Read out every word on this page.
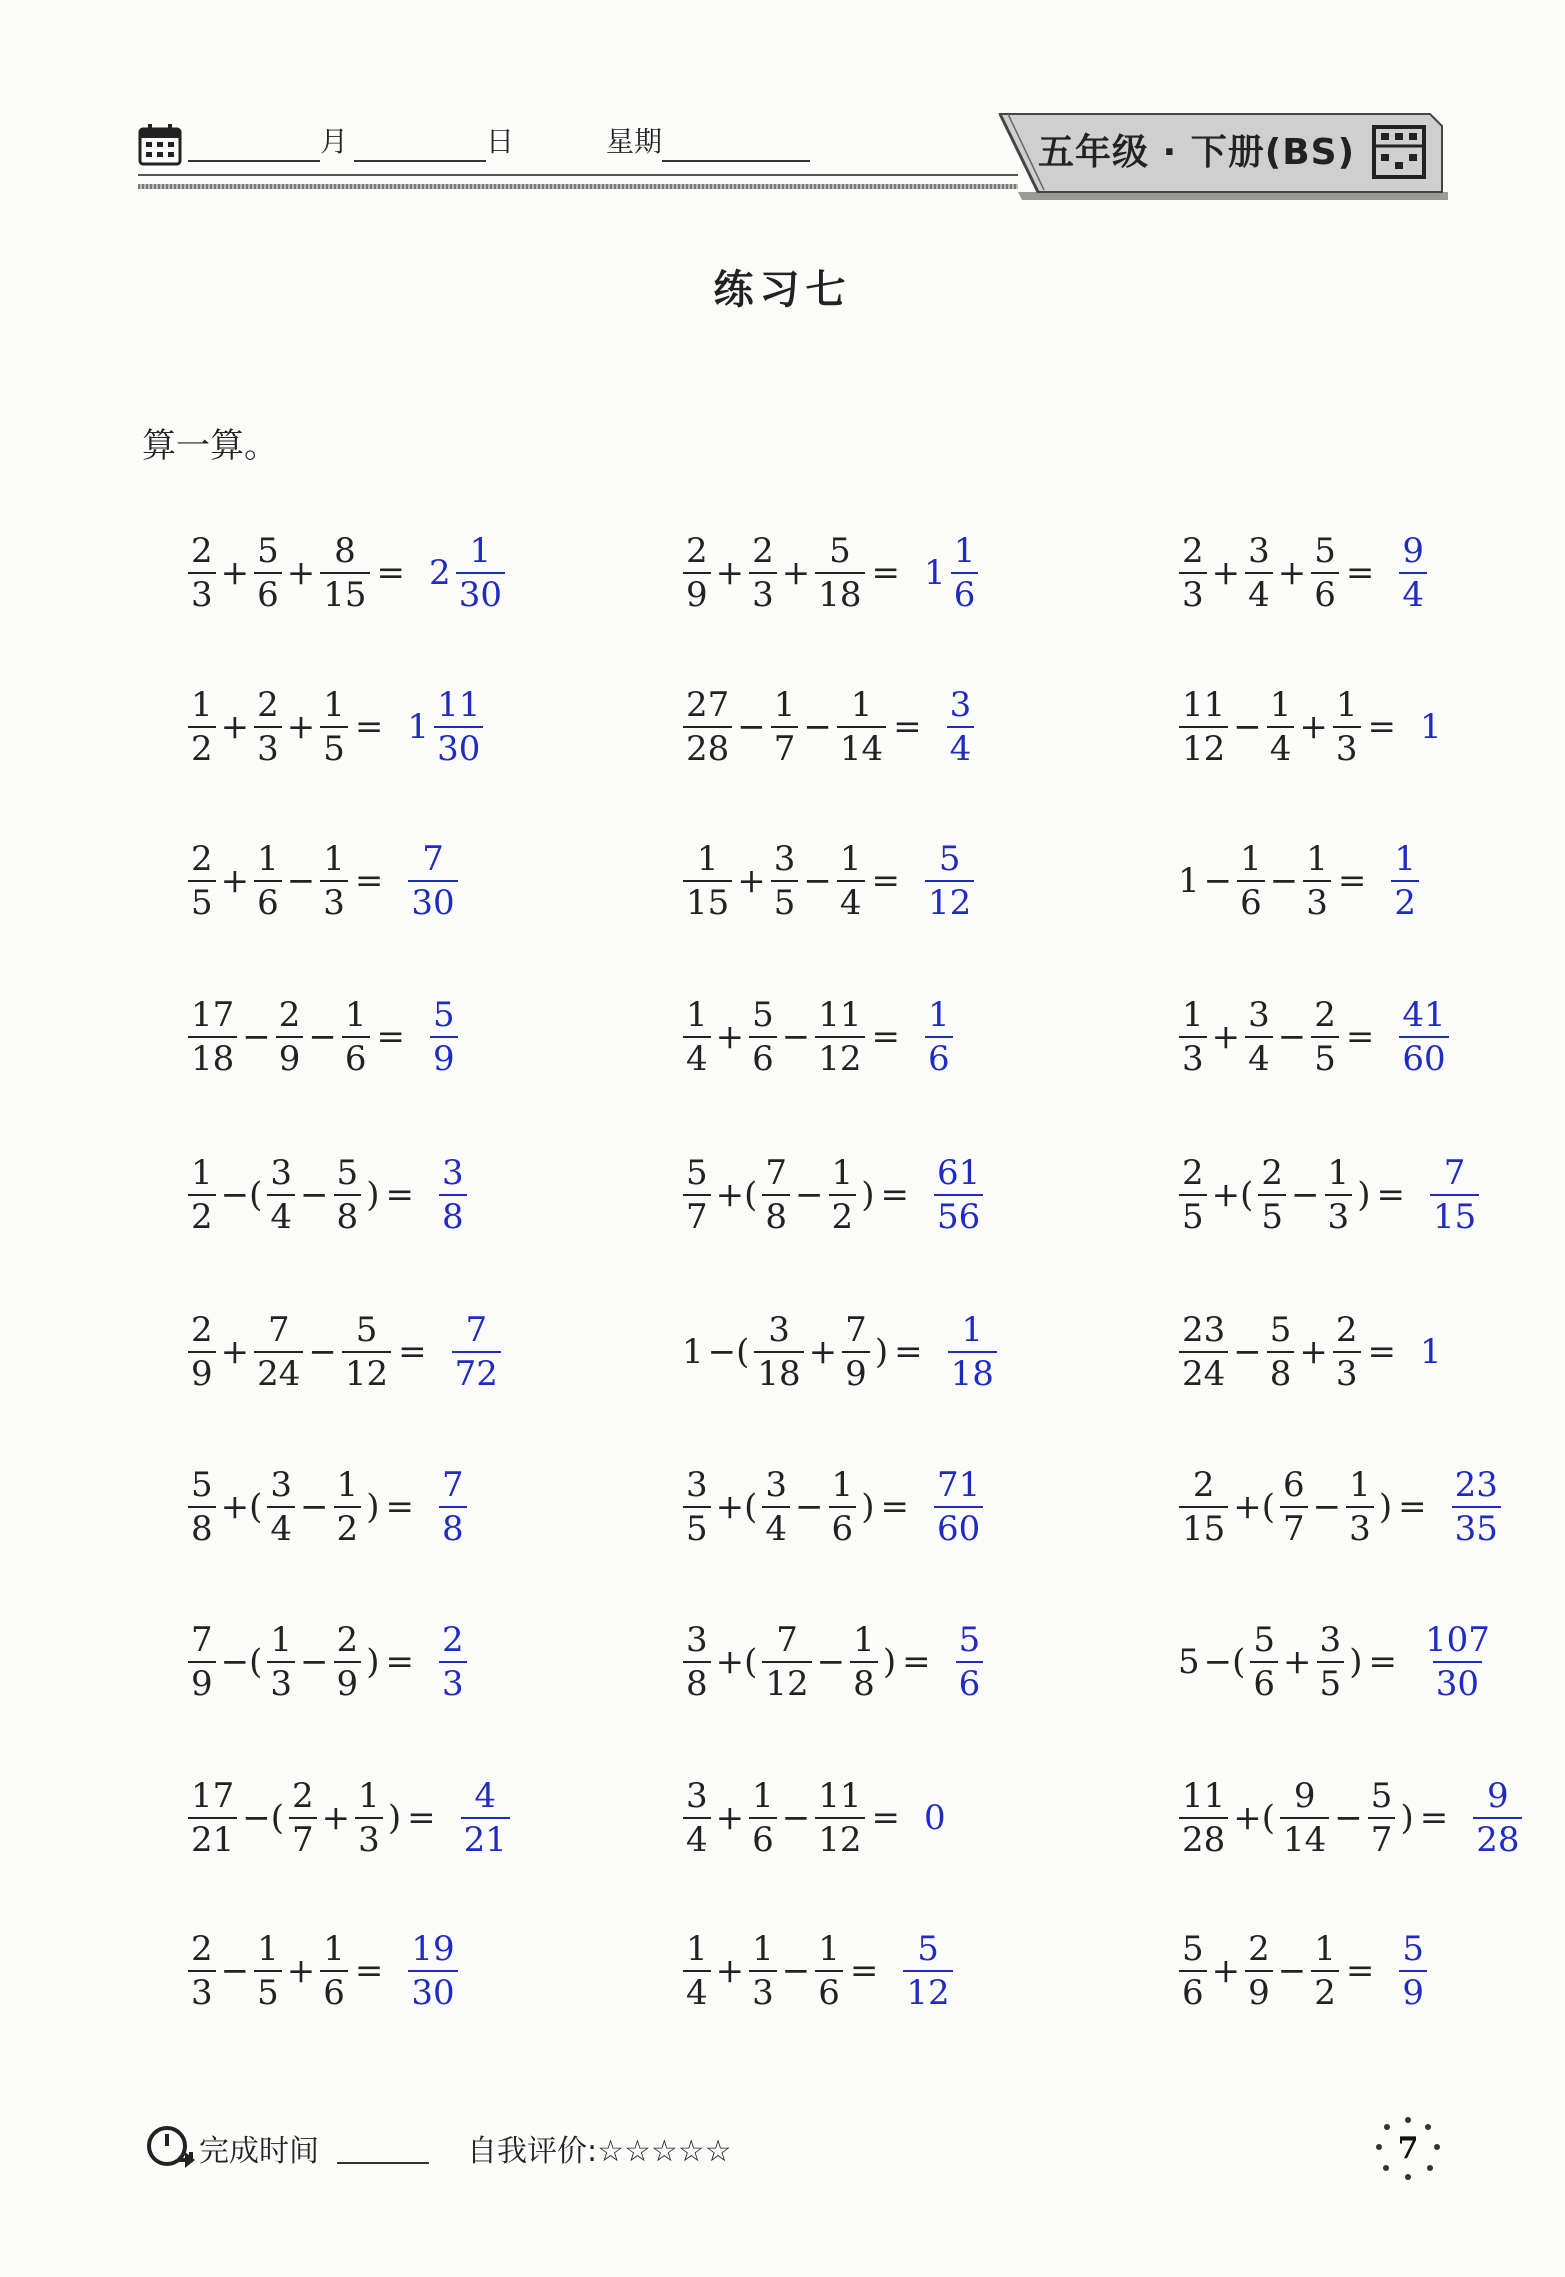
月	日	星期	五年级 · 下册(BS)
练习七
算一算。
$\frac{2}{3} + \frac{5}{6} + \frac{8}{15} = 2 \frac{1}{30}$	$\frac{2}{9} + \frac{2}{3} + \frac{5}{18} = 1 \frac{1}{6}$	$\frac{2}{3} + \frac{3}{4} + \frac{5}{6} = \frac{9}{4}$
$\frac{1}{2} + \frac{2}{3} + \frac{1}{5} = 1 \frac{11}{30}$	$\frac{27}{28} - \frac{1}{7} - \frac{1}{14} = \frac{3}{4}$	$\frac{11}{12} - \frac{1}{4} + \frac{1}{3} = 1$
$\frac{2}{5} + \frac{1}{6} - \frac{1}{3} = \frac{7}{30}$	$\frac{1}{15} + \frac{3}{5} - \frac{1}{4} = \frac{5}{12}$	$1 - \frac{1}{6} - \frac{1}{3} = \frac{1}{2}$
$\frac{17}{18} - \frac{2}{9} - \frac{1}{6} = \frac{5}{9}$	$\frac{1}{4} + \frac{5}{6} - \frac{11}{12} = \frac{1}{6}$	$\frac{1}{3} + \frac{3}{4} - \frac{2}{5} = \frac{41}{60}$
$\frac{1}{2}$ −( $\frac{3}{4} - \frac{5}{8}$ ) = $\frac{3}{8}$	$\frac{5}{7}$ +( $\frac{7}{8} - \frac{1}{2}$ ) = $\frac{61}{56}$	$\frac{2}{5}$ +( $\frac{2}{5} - \frac{1}{3}$ ) = $\frac{7}{15}$
$\frac{2}{9} + \frac{7}{24} - \frac{5}{12} = \frac{7}{72}$	1 −( $\frac{3}{18} + \frac{7}{9}$ ) = $\frac{1}{18}$	$\frac{23}{24} - \frac{5}{8} + \frac{2}{3} = 1$
$\frac{5}{8}$ +( $\frac{3}{4} - \frac{1}{2}$ ) = $\frac{7}{8}$	$\frac{3}{5}$ +( $\frac{3}{4} - \frac{1}{6}$ ) = $\frac{71}{60}$	$\frac{2}{15}$ +( $\frac{6}{7} - \frac{1}{3}$ ) = $\frac{23}{35}$
$\frac{7}{9}$ −( $\frac{1}{3} - \frac{2}{9}$ ) = $\frac{2}{3}$	$\frac{3}{8}$ +( $\frac{7}{12} - \frac{1}{8}$ ) = $\frac{5}{6}$	5 −( $\frac{5}{6} + \frac{3}{5}$ ) = $\frac{107}{30}$
$\frac{17}{21}$ −( $\frac{2}{7} + \frac{1}{3}$ ) = $\frac{4}{21}$	$\frac{3}{4} + \frac{1}{6} - \frac{11}{12} = 0$	$\frac{11}{28}$ +( $\frac{9}{14} - \frac{5}{7}$ ) = $\frac{9}{28}$
$\frac{2}{3} - \frac{1}{5} + \frac{1}{6} = \frac{19}{30}$	$\frac{1}{4} + \frac{1}{3} - \frac{1}{6} = \frac{5}{12}$	$\frac{5}{6} + \frac{2}{9} - \frac{1}{2} = \frac{5}{9}$
完成时间	自我评价:☆☆☆☆☆	7
